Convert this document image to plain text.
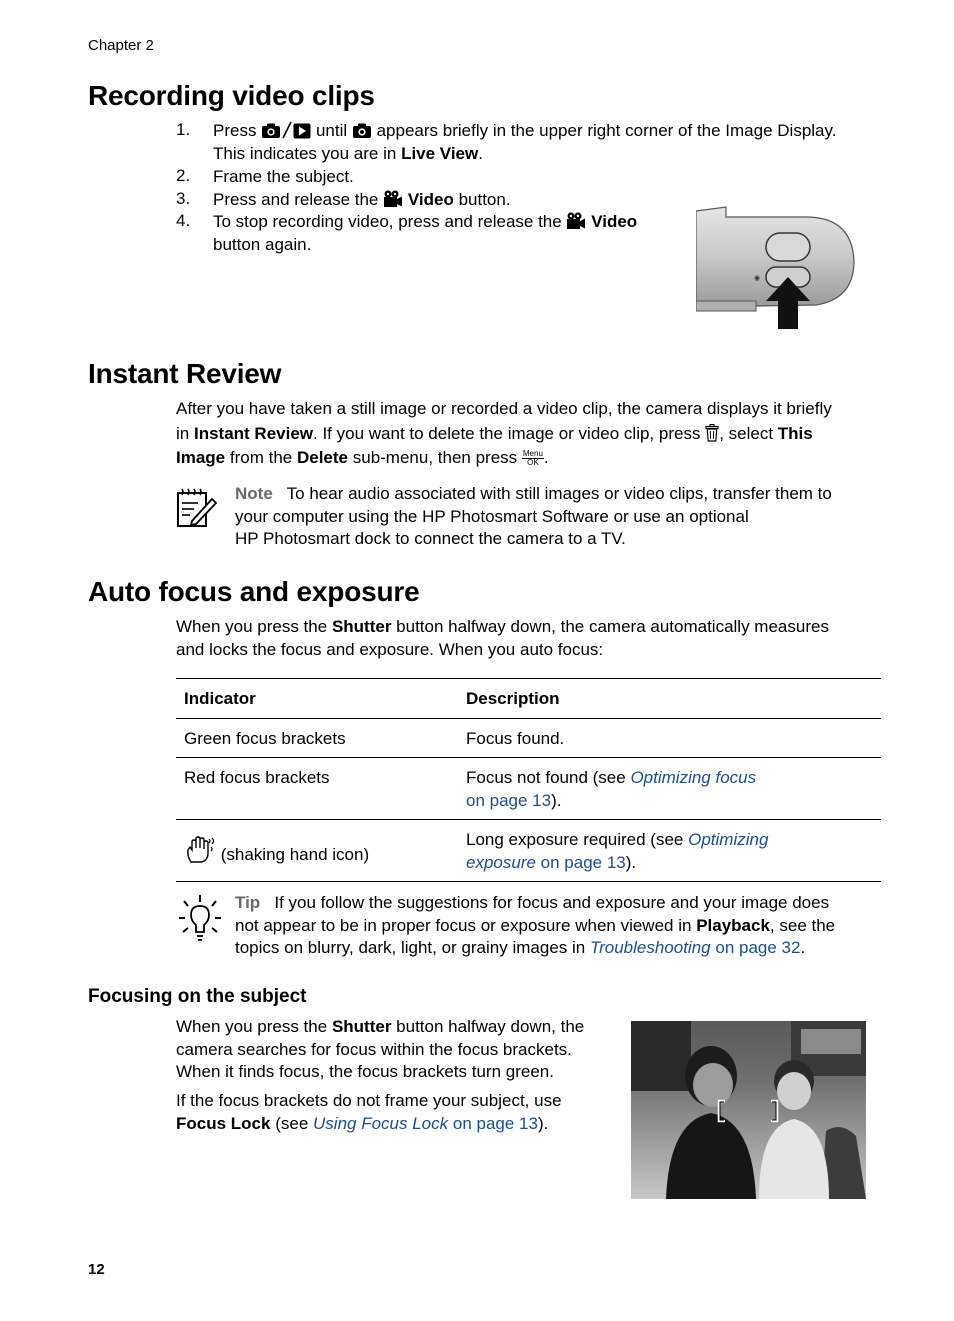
Chapter 2
Recording video clips
1. Press	until appears briefly in the upper right corner of the Image Display.
This indicates you are in Live View.
2. Frame the subject.
3. Press and release the Video button.
4. To stop recording video, press and release the Video
button again.
◉
Instant Review
After you have taken a still image or recorded a video clip, the camera displays it briefly
in Instant Review. If you want to delete the image or video clip, press , select This
Image from the Delete sub-menu, then press Menu
OK .
Note To hear audio associated with still images or video clips, transfer them to
your computer using the HP Photosmart Software or use an optional
HP Photosmart dock to connect the camera to a TV.
Auto focus and exposure
When you press the Shutter button halfway down, the camera automatically measures
and locks the focus and exposure. When you auto focus:
Indicator	Description
Green focus brackets	Focus found.
Red focus brackets	Focus not found (see Optimizing focus
on page 13).
(shaking hand icon)	Long exposure required (see Optimizing
exposure on page 13).
Tip If you follow the suggestions for focus and exposure and your image does
not appear to be in proper focus or exposure when viewed in Playback, see the
topics on blurry, dark, light, or grainy images in Troubleshooting on page 32.
Focusing on the subject
When you press the Shutter button halfway down, the
camera searches for focus within the focus brackets.
When it finds focus, the focus brackets turn green.
If the focus brackets do not frame your subject, use
Focus Lock (see Using Focus Lock on page 13).
12
